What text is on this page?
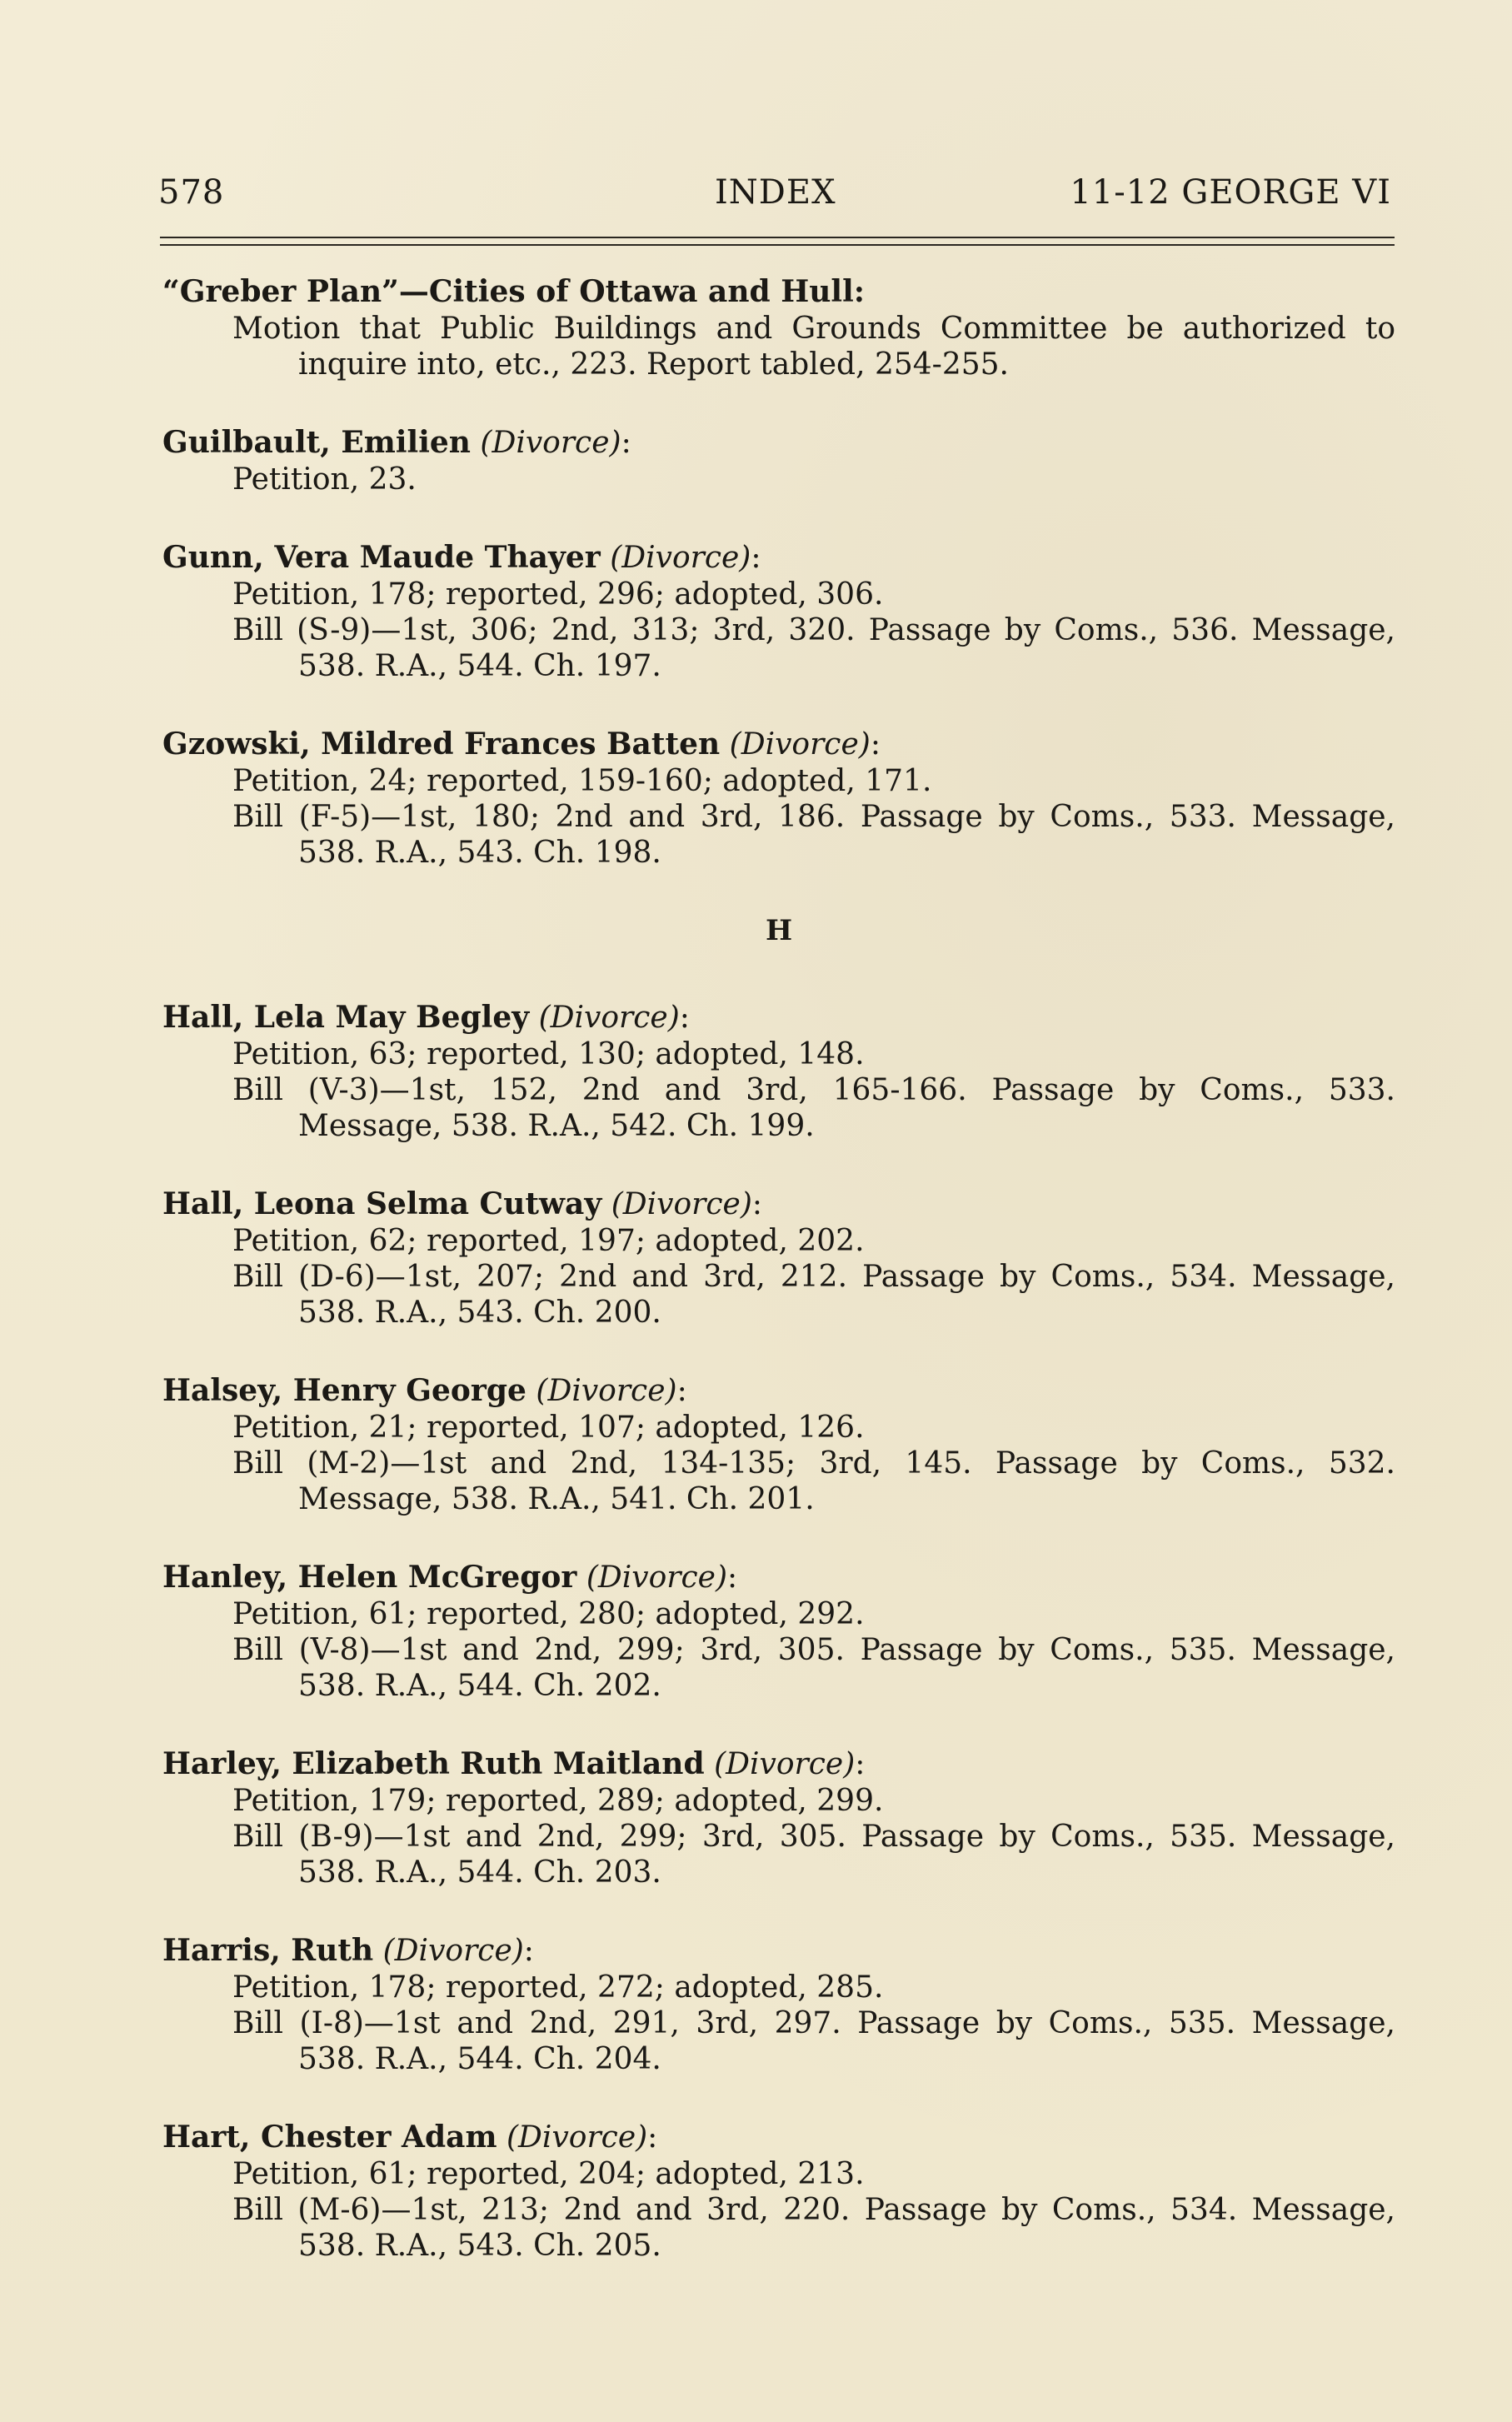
578	INDEX	11-12 GEORGE VI
“Greber Plan”—Cities of Ottawa and Hull:
Motion that Public Buildings and Grounds Committee be authorized to inquire into, etc., 223. Report tabled, 254-255.
Guilbault, Emilien (Divorce):
Petition, 23.
Gunn, Vera Maude Thayer (Divorce):
Petition, 178; reported, 296; adopted, 306.
Bill (S-9)—1st, 306; 2nd, 313; 3rd, 320. Passage by Coms., 536. Message, 538. R.A., 544. Ch. 197.
Gzowski, Mildred Frances Batten (Divorce):
Petition, 24; reported, 159-160; adopted, 171.
Bill (F-5)—1st, 180; 2nd and 3rd, 186. Passage by Coms., 533. Message, 538. R.A., 543. Ch. 198.
H
Hall, Lela May Begley (Divorce):
Petition, 63; reported, 130; adopted, 148.
Bill (V-3)—1st, 152, 2nd and 3rd, 165-166. Passage by Coms., 533. Message, 538. R.A., 542. Ch. 199.
Hall, Leona Selma Cutway (Divorce):
Petition, 62; reported, 197; adopted, 202.
Bill (D-6)—1st, 207; 2nd and 3rd, 212. Passage by Coms., 534. Message, 538. R.A., 543. Ch. 200.
Halsey, Henry George (Divorce):
Petition, 21; reported, 107; adopted, 126.
Bill (M-2)—1st and 2nd, 134-135; 3rd, 145. Passage by Coms., 532. Message, 538. R.A., 541. Ch. 201.
Hanley, Helen McGregor (Divorce):
Petition, 61; reported, 280; adopted, 292.
Bill (V-8)—1st and 2nd, 299; 3rd, 305. Passage by Coms., 535. Message, 538. R.A., 544. Ch. 202.
Harley, Elizabeth Ruth Maitland (Divorce):
Petition, 179; reported, 289; adopted, 299.
Bill (B-9)—1st and 2nd, 299; 3rd, 305. Passage by Coms., 535. Message, 538. R.A., 544. Ch. 203.
Harris, Ruth (Divorce):
Petition, 178; reported, 272; adopted, 285.
Bill (I-8)—1st and 2nd, 291, 3rd, 297. Passage by Coms., 535. Message, 538. R.A., 544. Ch. 204.
Hart, Chester Adam (Divorce):
Petition, 61; reported, 204; adopted, 213.
Bill (M-6)—1st, 213; 2nd and 3rd, 220. Passage by Coms., 534. Message, 538. R.A., 543. Ch. 205.
